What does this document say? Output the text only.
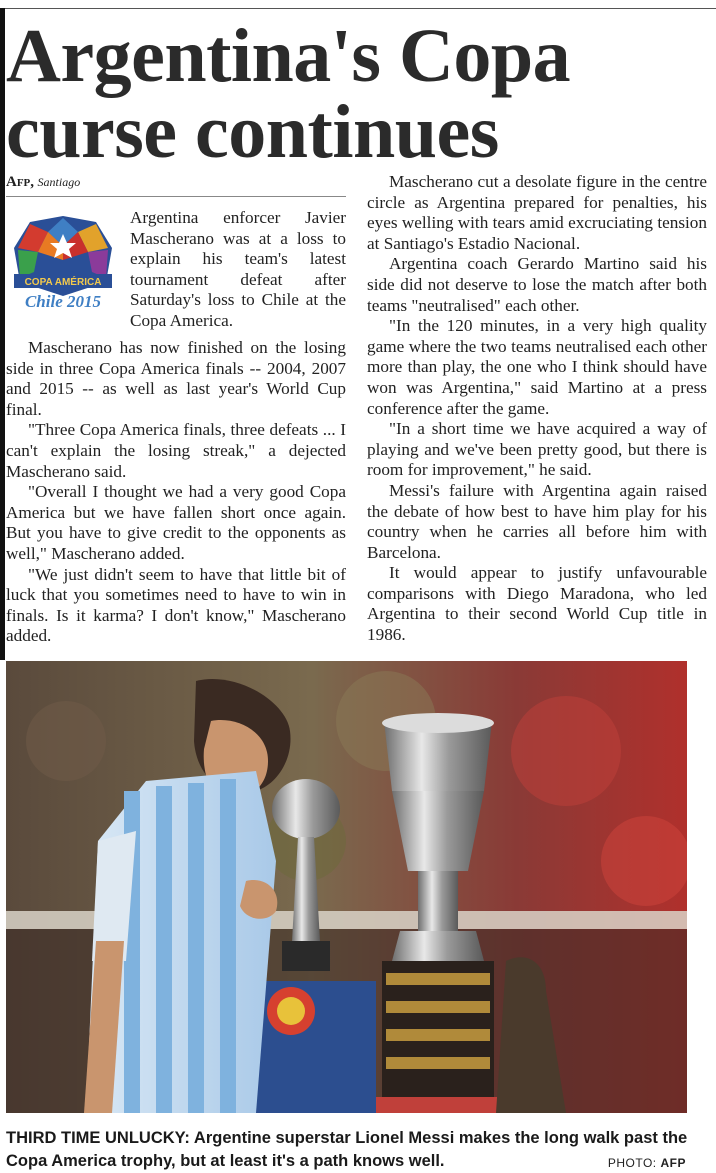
Argentina's Copa curse continues
Afp, Santiago
COPA AMÉRICA
Chile 2015

Argentina enforcer Javier Mascherano was at a loss to explain his team's latest tournament defeat after Saturday's loss to Chile at the Copa America.

Mascherano has now finished on the losing side in three Copa America finals -- 2004, 2007 and 2015 -- as well as last year's World Cup final.

"Three Copa America finals, three defeats ... I can't explain the losing streak," a dejected Mascherano said.

"Overall I thought we had a very good Copa America but we have fallen short once again. But you have to give credit to the opponents as well," Mascherano added.

"We just didn't seem to have that little bit of luck that you sometimes need to have to win in finals. Is it karma? I don't know," Mascherano added.

Mascherano cut a desolate figure in the centre circle as Argentina prepared for penalties, his eyes welling with tears amid excruciating tension at Santiago's Estadio Nacional.

Argentina coach Gerardo Martino said his side did not deserve to lose the match after both teams "neutralised" each other.

"In the 120 minutes, in a very high quality game where the two teams neutralised each other more than play, the one who I think should have won was Argentina," said Martino at a press conference after the game.

"In a short time we have acquired a way of playing and we've been pretty good, but there is room for improvement," he said.

Messi's failure with Argentina again raised the debate of how best to have him play for his country when he carries all before him with Barcelona.

It would appear to justify unfavourable comparisons with Diego Maradona, who led Argentina to their second World Cup title in 1986.

THIRD TIME UNLUCKY: Argentine superstar Lionel Messi makes the long walk past the Copa America trophy, but at least it's a path knows well.	PHOTO: AFP
